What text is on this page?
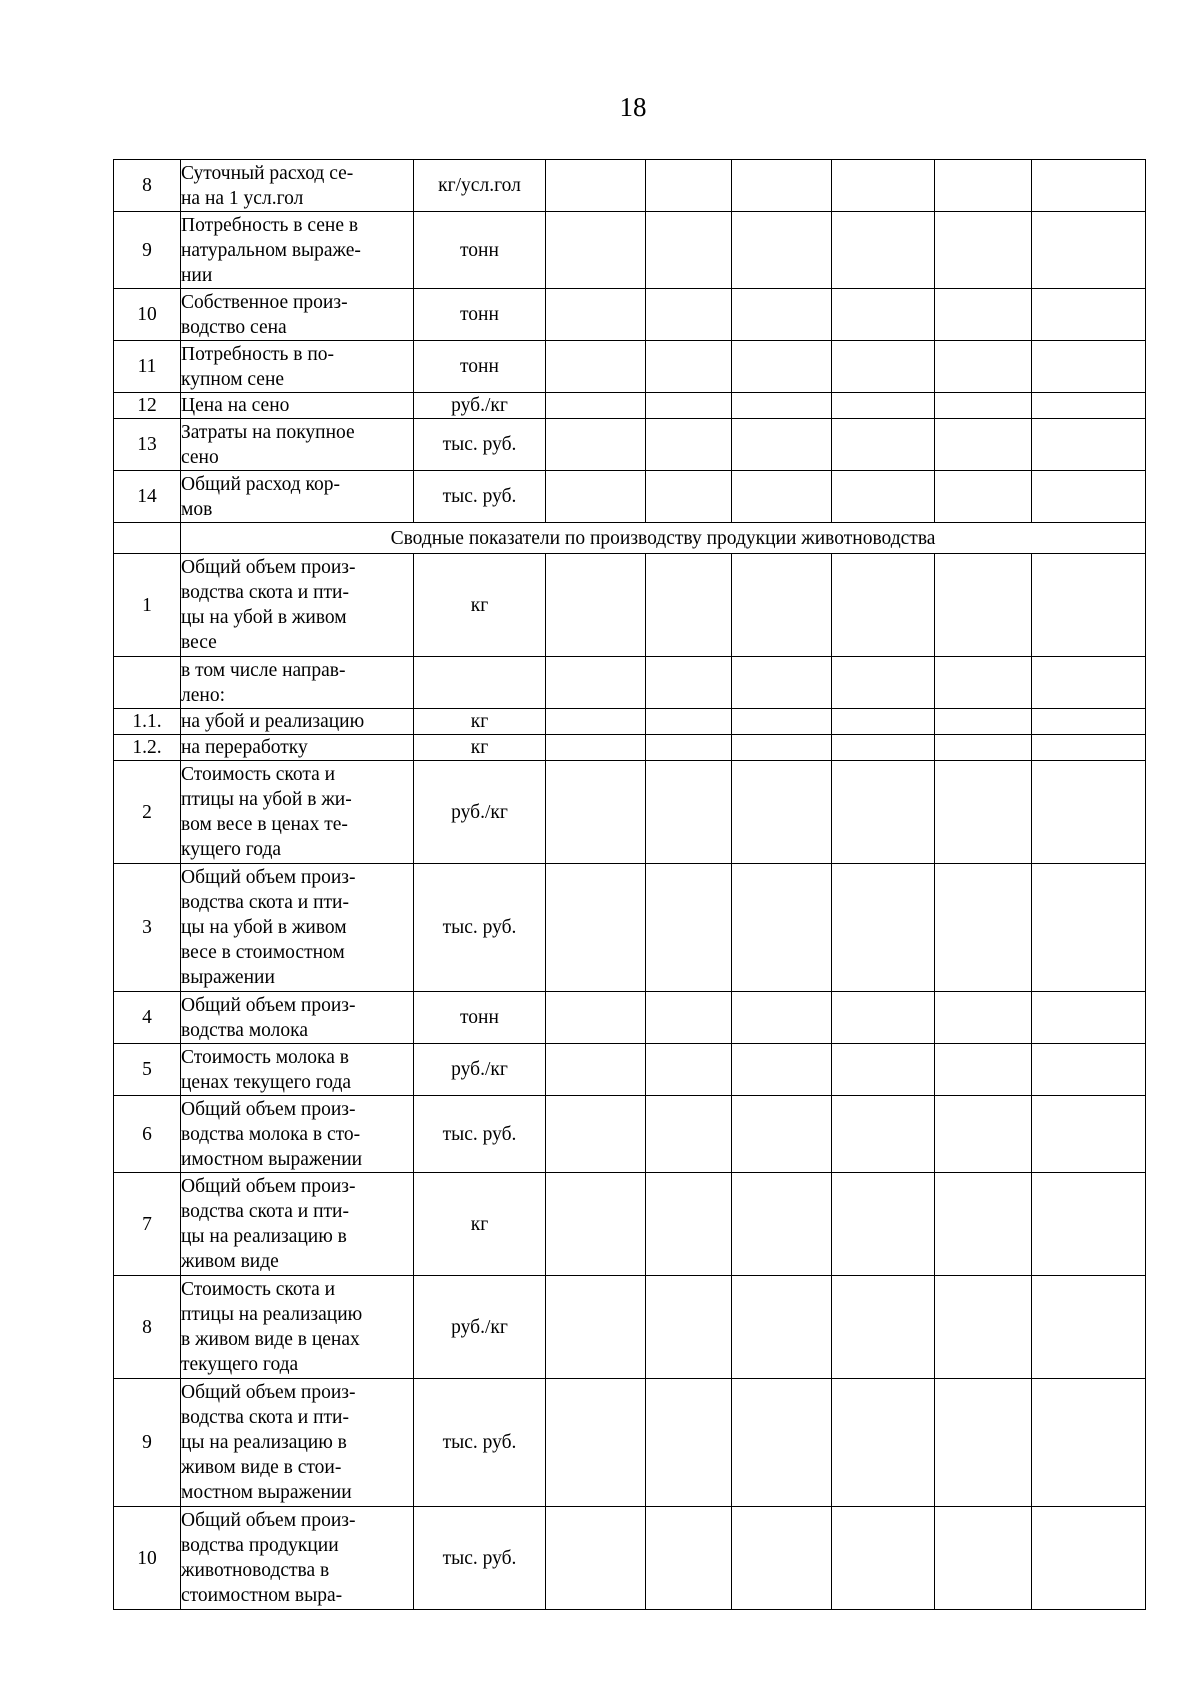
18
8	Суточный расход се-
на на 1 усл.гол	кг/усл.гол						
9	Потребность в сене в
натуральном выраже-
нии	тонн						
10	Собственное произ-
водство сена	тонн						
11	Потребность в по-
купном сене	тонн						
12	Цена на сено	руб./кг						
13	Затраты на покупное
сено	тыс. руб.						
14	Общий расход кор-
мов	тыс. руб.						
	Сводные показатели по производству продукции животноводства							
1	Общий объем произ-
водства скота и пти-
цы на убой в живом
весе	кг						
	в том числе направ-
лено:							
1.1.	на убой и реализацию	кг						
1.2.	на переработку	кг						
2	Стоимость скота и
птицы на убой в жи-
вом весе в ценах те-
кущего года	руб./кг						
3	Общий объем произ-
водства скота и пти-
цы на убой в живом
весе в стоимостном
выражении	тыс. руб.						
4	Общий объем произ-
водства молока	тонн						
5	Стоимость молока в
ценах текущего года	руб./кг						
6	Общий объем произ-
водства молока в сто-
имостном выражении	тыс. руб.						
7	Общий объем произ-
водства скота и пти-
цы на реализацию в
живом виде	кг						
8	Стоимость скота и
птицы на реализацию
в живом виде в ценах
текущего года	руб./кг						
9	Общий объем произ-
водства скота и пти-
цы на реализацию в
живом виде в стои-
мостном выражении	тыс. руб.						
10	Общий объем произ-
водства продукции
животноводства в
стоимостном выра-	тыс. руб.						
